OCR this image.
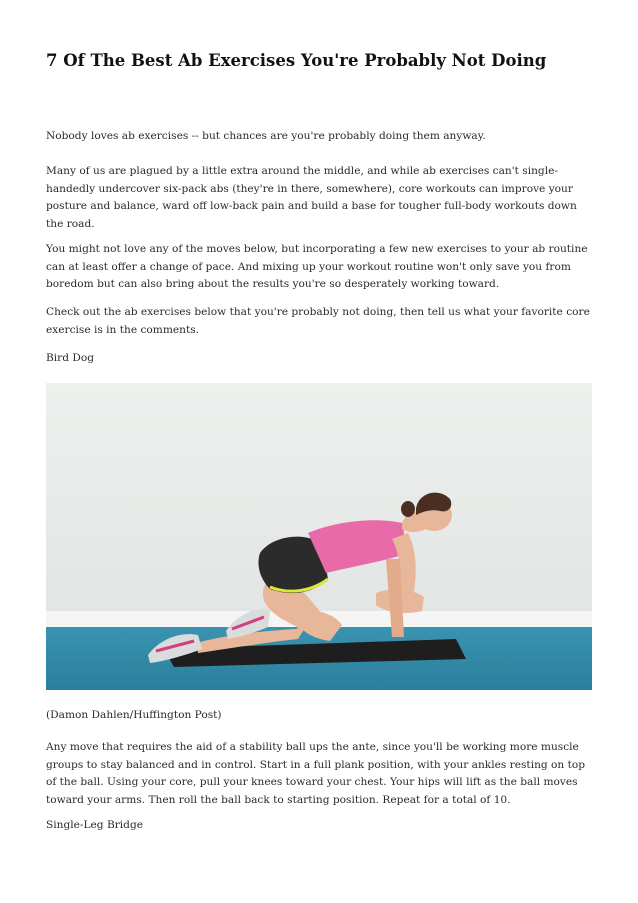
7 Of The Best Ab Exercises You're Probably Not Doing

Nobody loves ab exercises -- but chances are you're probably doing them anyway.

Many of us are plagued by a little extra around the middle, and while ab exercises can't single-handedly undercover six-pack abs (they're in there, somewhere), core workouts can improve your posture and balance, ward off low-back pain and build a base for tougher full-body workouts down the road.

You might not love any of the moves below, but incorporating a few new exercises to your ab routine can at least offer a change of pace. And mixing up your workout routine won't only save you from boredom but can also bring about the results you're so desperately working toward.

Check out the ab exercises below that you're probably not doing, then tell us what your favorite core exercise is in the comments.

Bird Dog

(Damon Dahlen/Huffington Post)

Any move that requires the aid of a stability ball ups the ante, since you'll be working more muscle groups to stay balanced and in control. Start in a full plank position, with your ankles resting on top of the ball. Using your core, pull your knees toward your chest. Your hips will lift as the ball moves toward your arms. Then roll the ball back to starting position. Repeat for a total of 10.

Single-Leg Bridge
